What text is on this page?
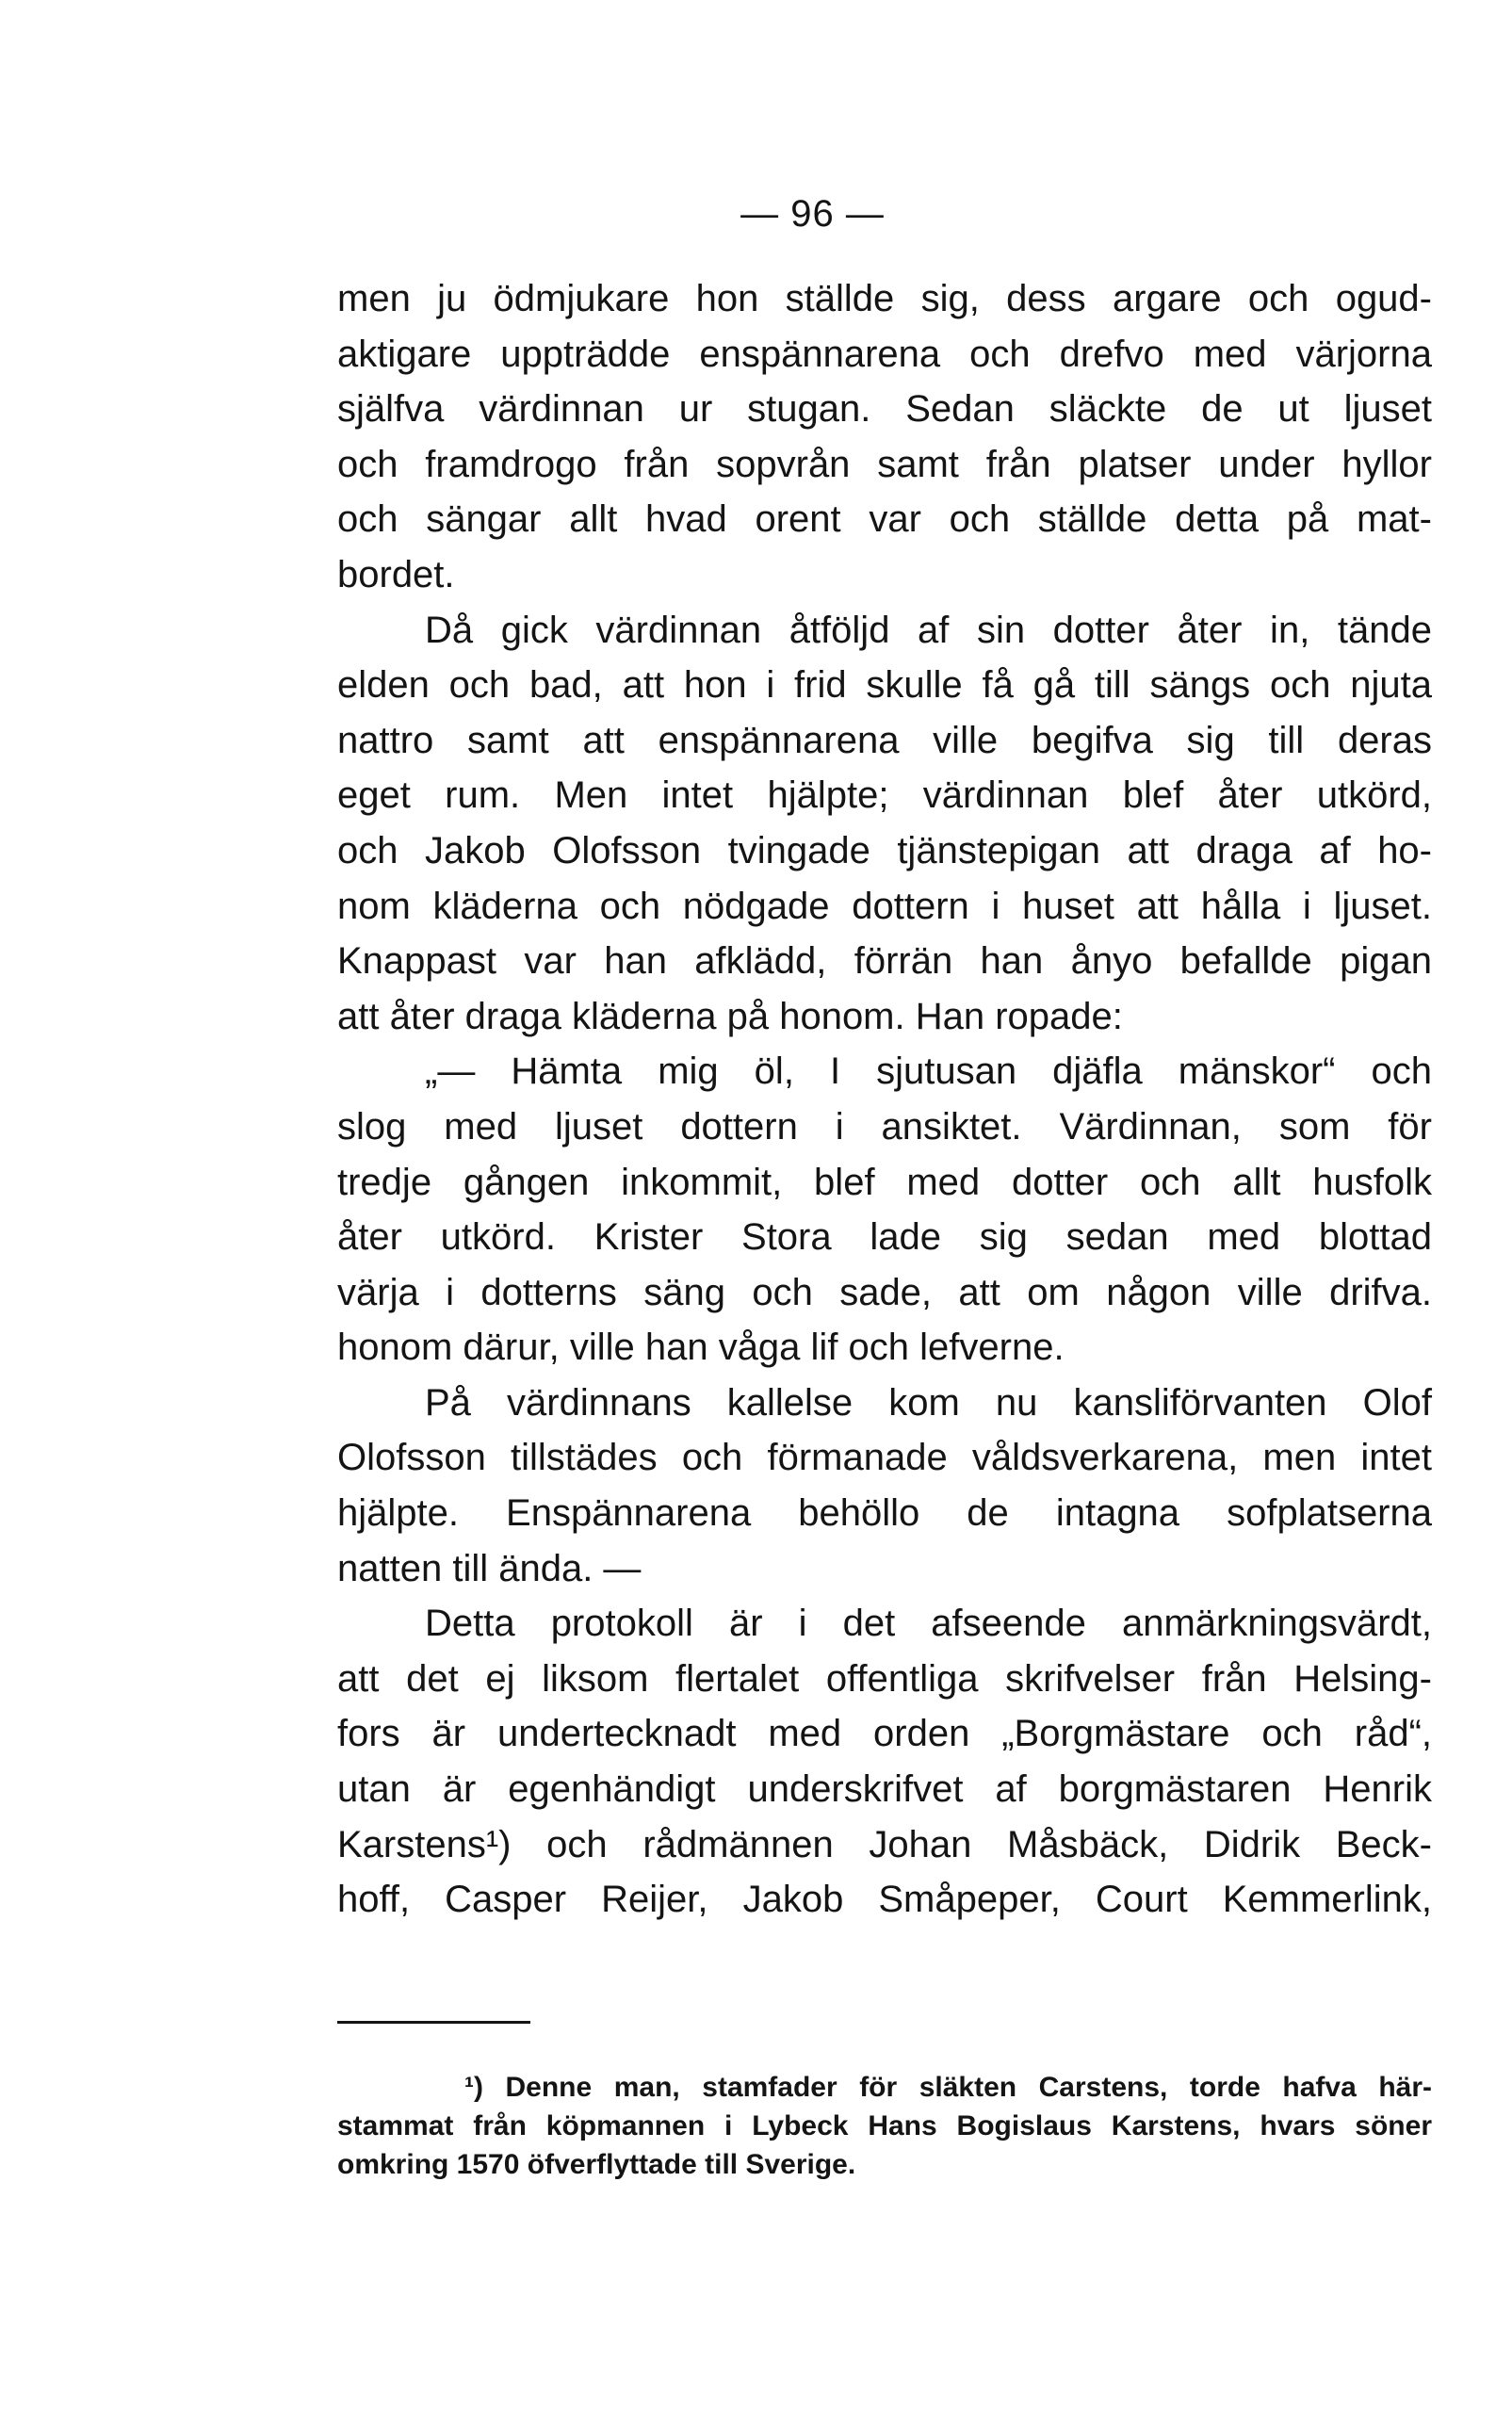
— 96 —
men ju ödmjukare hon ställde sig, dess argare och ogud-
aktigare uppträdde enspännarena och drefvo med värjorna
själfva värdinnan ur stugan. Sedan släckte de ut ljuset
och framdrogo från sopvrån samt från platser under hyllor
och sängar allt hvad orent var och ställde detta på mat-
bordet.
Då gick värdinnan åtföljd af sin dotter åter in, tände
elden och bad, att hon i frid skulle få gå till sängs och njuta
nattro samt att enspännarena ville begifva sig till deras
eget rum. Men intet hjälpte; värdinnan blef åter utkörd,
och Jakob Olofsson tvingade tjänstepigan att draga af ho-
nom kläderna och nödgade dottern i huset att hålla i ljuset.
Knappast var han afklädd, förrän han ånyo befallde pigan
att åter draga kläderna på honom. Han ropade:
„— Hämta mig öl, I sjutusan djäfla mänskor“ och
slog med ljuset dottern i ansiktet. Värdinnan, som för
tredje gången inkommit, blef med dotter och allt husfolk
åter utkörd. Krister Stora lade sig sedan med blottad
värja i dotterns säng och sade, att om någon ville drifva.
honom därur, ville han våga lif och lefverne.
På värdinnans kallelse kom nu kansliförvanten Olof
Olofsson tillstädes och förmanade våldsverkarena, men intet
hjälpte. Enspännarena behöllo de intagna sofplatserna
natten till ända. —
Detta protokoll är i det afseende anmärkningsvärdt,
att det ej liksom flertalet offentliga skrifvelser från Helsing-
fors är undertecknadt med orden „Borgmästare och råd“,
utan är egenhändigt underskrifvet af borgmästaren Henrik
Karstens¹) och rådmännen Johan Måsbäck, Didrik Beck-
hoff, Casper Reijer, Jakob Småpeper, Court Kemmerlink,
¹) Denne man, stamfader för släkten Carstens, torde hafva här-
stammat från köpmannen i Lybeck Hans Bogislaus Karstens, hvars söner
omkring 1570 öfverflyttade till Sverige.
